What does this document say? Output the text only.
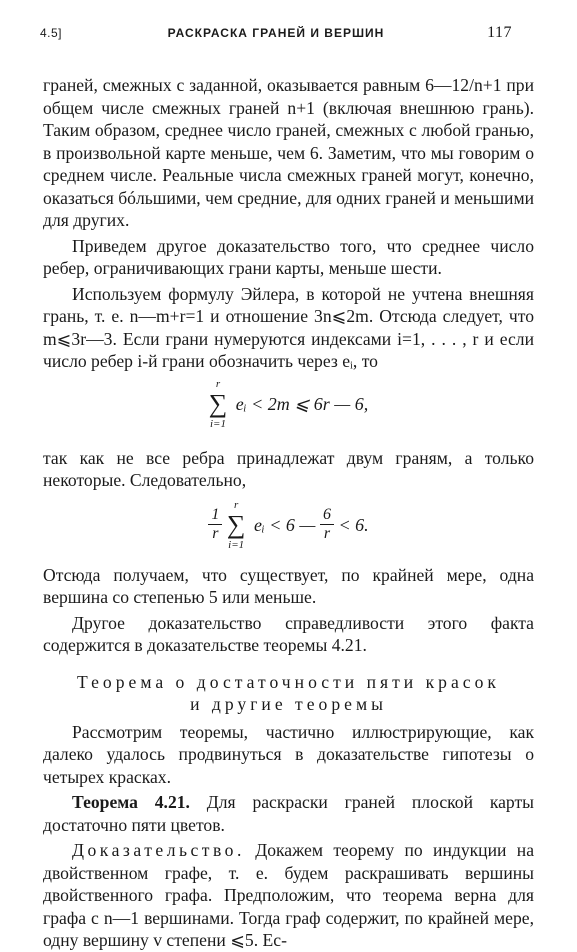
4.5]	РАСКРАСКА ГРАНЕЙ И ВЕРШИН	117

граней, смежных с заданной, оказывается равным 6—12/n+1 при общем числе смежных граней n+1 (включая внешнюю грань). Таким образом, среднее число граней, смежных с любой гранью, в произвольной карте меньше, чем 6. Заметим, что мы говорим о среднем числе. Реальные числа смежных граней могут, конечно, оказаться бóльшими, чем средние, для одних граней и меньшими для других.

Приведем другое доказательство того, что среднее число ребер, ограничивающих грани карты, меньше шести.

Используем формулу Эйлера, в которой не учтена внешняя грань, т. е. n—m+r=1 и отношение 3n⩽2m. Отсюда следует, что m⩽3r—3. Если грани нумеруются индексами i=1, . . . , r и если число ребер i-й грани обозначить через eᵢ, то

r
∑
i=1
eᵢ < 2m ⩽ 6r — 6,

так как не все ребра принадлежат двум граням, а только некоторые. Следовательно,

$\frac{1}{r}$

r
∑
i=1
eᵢ < 6 — $\frac{6}{r} < 6$.

Отсюда получаем, что существует, по крайней мере, одна вершина со степенью 5 или меньше.

Другое доказательство справедливости этого факта содержится в доказательстве теоремы 4.21.

Теорема о достаточности пяти красок
и другие теоремы

Рассмотрим теоремы, частично иллюстрирующие, как далеко удалось продвинуться в доказательстве гипотезы о четырех красках.

Теорема 4.21. Для раскраски граней плоской карты достаточно пяти цветов.

Доказательство. Докажем теорему по индукции на двойственном графе, т. е. будем раскрашивать вершины двойственного графа. Предположим, что теорема верна для графа с n—1 вершинами. Тогда граф содержит, по крайней мере, одну вершину v степени ⩽5. Ес-
